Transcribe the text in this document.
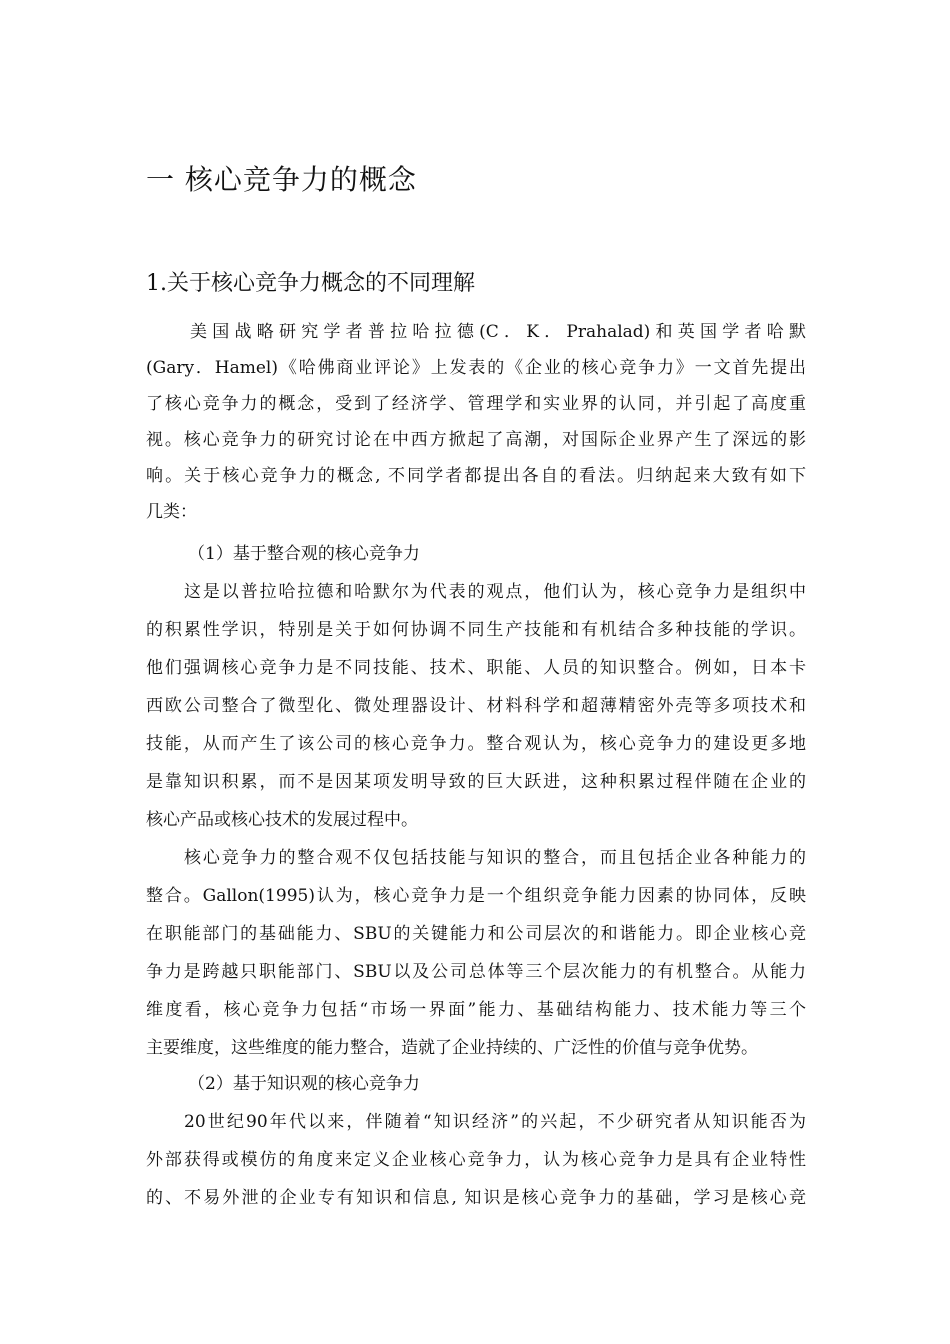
一 核心竞争力的概念
1.关于核心竞争力概念的不同理解

美国战略研究学者普拉哈拉德(C．K．Prahalad)和英国学者哈默

(Gary．Hamel)《哈佛商业评论》上发表的《企业的核心竞争力》一文首先提出

了核心竞争力的概念，受到了经济学、管理学和实业界的认同，并引起了高度重

视。核心竞争力的研究讨论在中西方掀起了高潮，对国际企业界产生了深远的影

响。关于核心竞争力的概念, 不同学者都提出各自的看法。归纳起来大致有如下

几类：

（1）基于整合观的核心竞争力

这是以普拉哈拉德和哈默尔为代表的观点，他们认为，核心竞争力是组织中

的积累性学识，特别是关于如何协调不同生产技能和有机结合多种技能的学识。

他们强调核心竞争力是不同技能、技术、职能、人员的知识整合。例如，日本卡

西欧公司整合了微型化、微处理器设计、材料科学和超薄精密外壳等多项技术和

技能，从而产生了该公司的核心竞争力。整合观认为，核心竞争力的建设更多地

是靠知识积累，而不是因某项发明导致的巨大跃进，这种积累过程伴随在企业的

核心产品或核心技术的发展过程中。

核心竞争力的整合观不仅包括技能与知识的整合，而且包括企业各种能力的

整合。Gallon(1995)认为，核心竞争力是一个组织竞争能力因素的协同体，反映

在职能部门的基础能力、SBU的关键能力和公司层次的和谐能力。即企业核心竞

争力是跨越只职能部门、SBU以及公司总体等三个层次能力的有机整合。从能力

维度看，核心竞争力包括“市场一界面”能力、基础结构能力、技术能力等三个

主要维度，这些维度的能力整合，造就了企业持续的、广泛性的价值与竞争优势。

（2）基于知识观的核心竞争力

20世纪90年代以来，伴随着“知识经济”的兴起，不少研究者从知识能否为

外部获得或模仿的角度来定义企业核心竞争力，认为核心竞争力是具有企业特性

的、不易外泄的企业专有知识和信息, 知识是核心竞争力的基础，学习是核心竞
